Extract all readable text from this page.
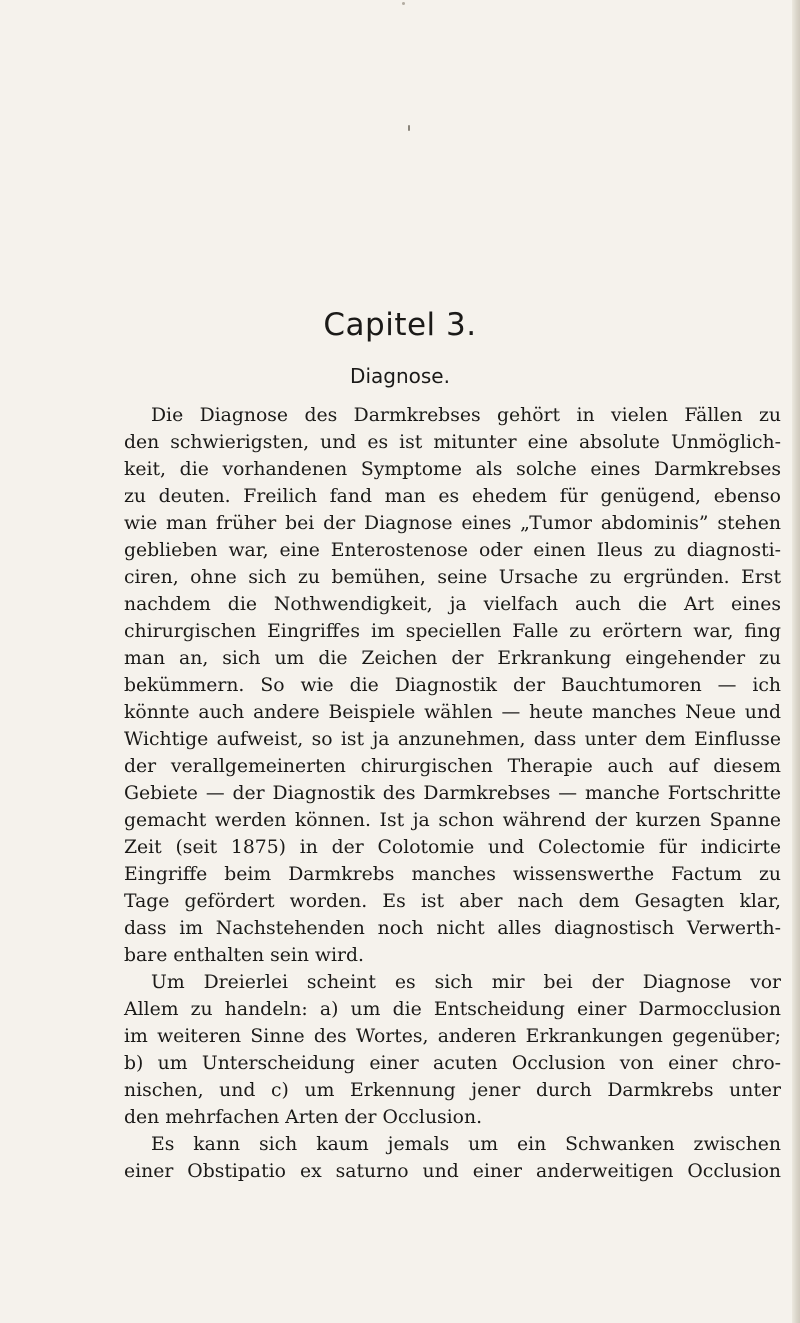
Capitel 3.
Diagnose.
Die Diagnose des Darmkrebses gehört in vielen Fällen zu
den schwierigsten, und es ist mitunter eine absolute Unmöglich-
keit, die vorhandenen Symptome als solche eines Darmkrebses
zu deuten. Freilich fand man es ehedem für genügend, ebenso
wie man früher bei der Diagnose eines „Tumor abdominis” stehen
geblieben war, eine Enterostenose oder einen Ileus zu diagnosti-
ciren, ohne sich zu bemühen, seine Ursache zu ergründen. Erst
nachdem die Nothwendigkeit, ja vielfach auch die Art eines
chirurgischen Eingriffes im speciellen Falle zu erörtern war, fing
man an, sich um die Zeichen der Erkrankung eingehender zu
bekümmern. So wie die Diagnostik der Bauchtumoren — ich
könnte auch andere Beispiele wählen — heute manches Neue und
Wichtige aufweist, so ist ja anzunehmen, dass unter dem Einflusse
der verallgemeinerten chirurgischen Therapie auch auf diesem
Gebiete — der Diagnostik des Darmkrebses — manche Fortschritte
gemacht werden können. Ist ja schon während der kurzen Spanne
Zeit (seit 1875) in der Colotomie und Colectomie für indicirte
Eingriffe beim Darmkrebs manches wissenswerthe Factum zu
Tage gefördert worden. Es ist aber nach dem Gesagten klar,
dass im Nachstehenden noch nicht alles diagnostisch Verwerth-
bare enthalten sein wird.
Um Dreierlei scheint es sich mir bei der Diagnose vor
Allem zu handeln: a) um die Entscheidung einer Darmocclusion
im weiteren Sinne des Wortes, anderen Erkrankungen gegenüber;
b) um Unterscheidung einer acuten Occlusion von einer chro-
nischen, und c) um Erkennung jener durch Darmkrebs unter
den mehrfachen Arten der Occlusion.
Es kann sich kaum jemals um ein Schwanken zwischen
einer Obstipatio ex saturno und einer anderweitigen Occlusion
